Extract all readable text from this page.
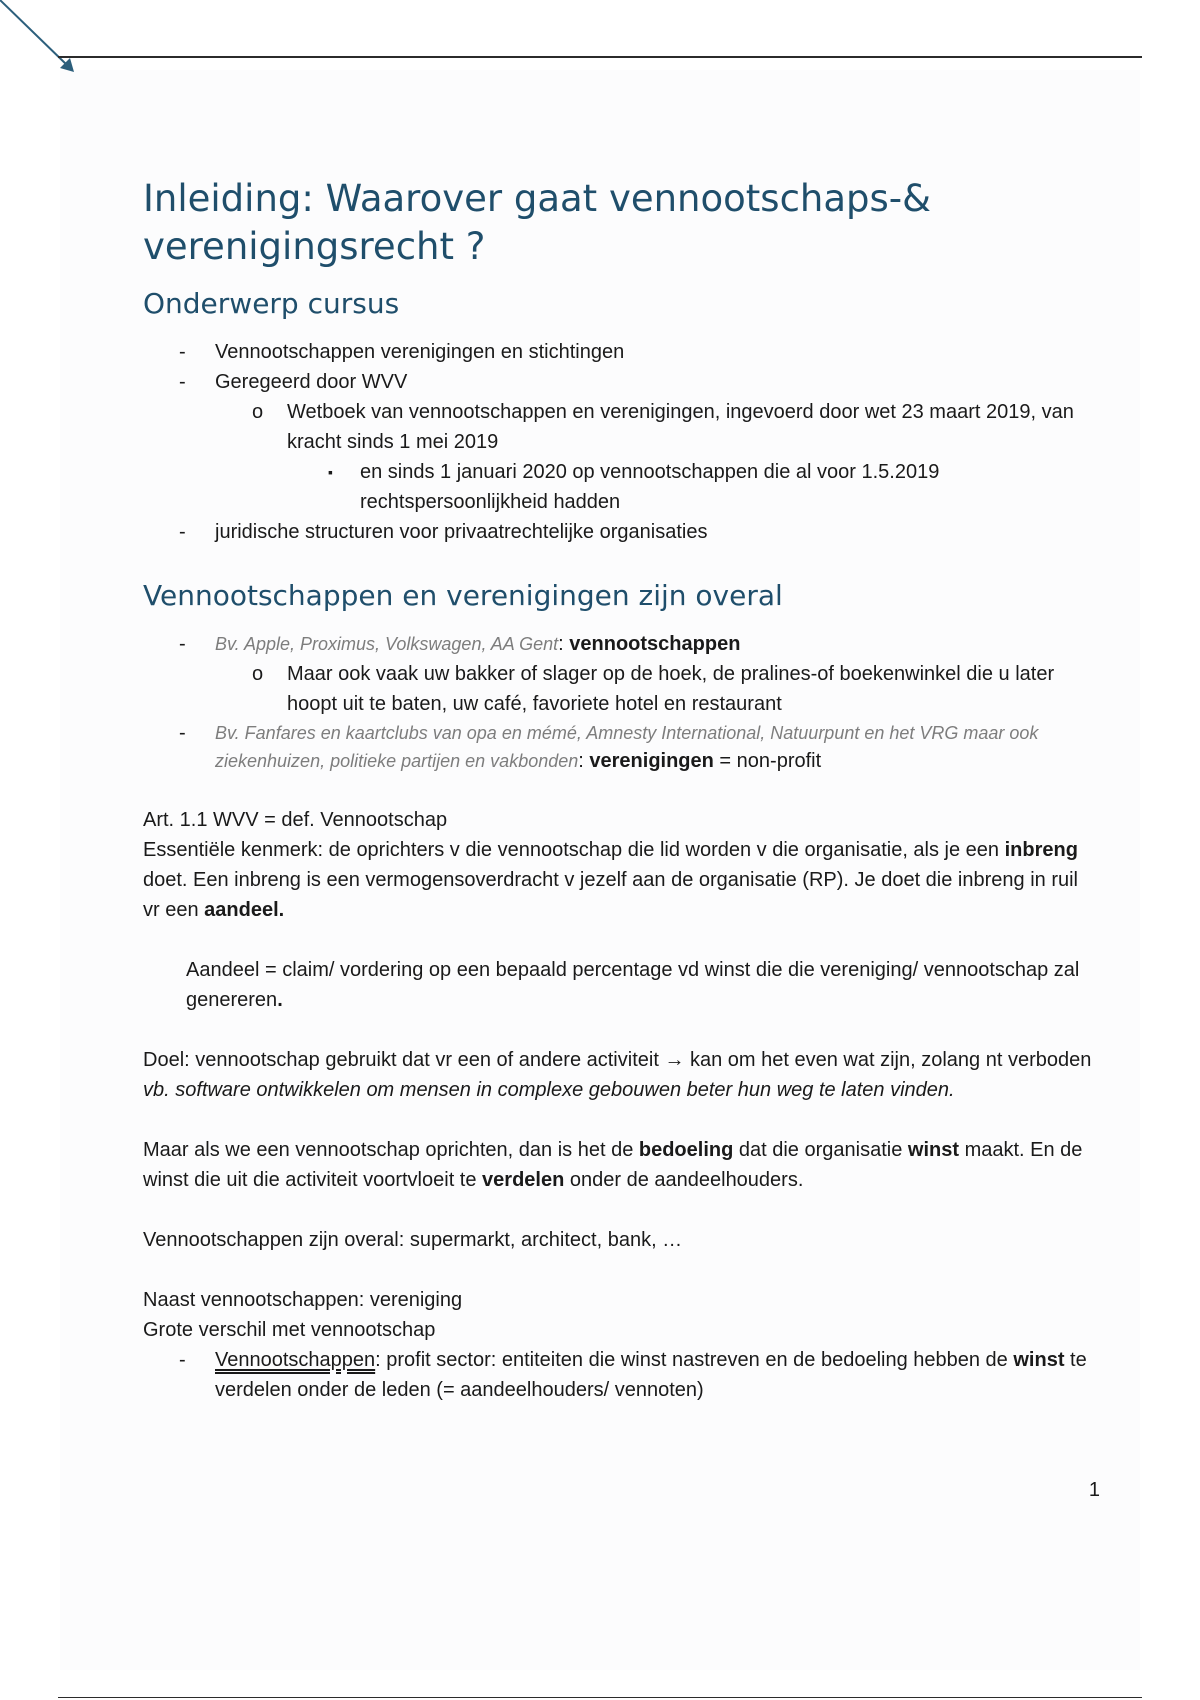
Inleiding: Waarover gaat vennootschaps-& verenigingsrecht ?
Onderwerp cursus
- Vennootschappen verenigingen en stichtingen
- Geregeerd door WVV
o Wetboek van vennootschappen en verenigingen, ingevoerd door wet 23 maart 2019, van kracht sinds 1 mei 2019
▪ en sinds 1 januari 2020 op vennootschappen die al voor 1.5.2019 rechtspersoonlijkheid hadden
- juridische structuren voor privaatrechtelijke organisaties
Vennootschappen en verenigingen zijn overal
- Bv. Apple, Proximus, Volkswagen, AA Gent: vennootschappen
o Maar ook vaak uw bakker of slager op de hoek, de pralines-of boekenwinkel die u later hoopt uit te baten, uw café, favoriete hotel en restaurant
- Bv. Fanfares en kaartclubs van opa en mémé, Amnesty International, Natuurpunt en het VRG maar ook ziekenhuizen, politieke partijen en vakbonden: verenigingen = non-profit
Art. 1.1 WVV = def. Vennootschap
Essentiële kenmerk: de oprichters v die vennootschap die lid worden v die organisatie, als je een inbreng doet. Een inbreng is een vermogensoverdracht v jezelf aan de organisatie (RP). Je doet die inbreng in ruil vr een aandeel.
Aandeel = claim/ vordering op een bepaald percentage vd winst die die vereniging/ vennootschap zal genereren.
Doel: vennootschap gebruikt dat vr een of andere activiteit → kan om het even wat zijn, zolang nt verboden vb. software ontwikkelen om mensen in complexe gebouwen beter hun weg te laten vinden.
Maar als we een vennootschap oprichten, dan is het de bedoeling dat die organisatie winst maakt. En de winst die uit die activiteit voortvloeit te verdelen onder de aandeelhouders.
Vennootschappen zijn overal: supermarkt, architect, bank, …
Naast vennootschappen: vereniging
Grote verschil met vennootschap
- Vennootschappen: profit sector: entiteiten die winst nastreven en de bedoeling hebben de winst te verdelen onder de leden (= aandeelhouders/ vennoten)
1
